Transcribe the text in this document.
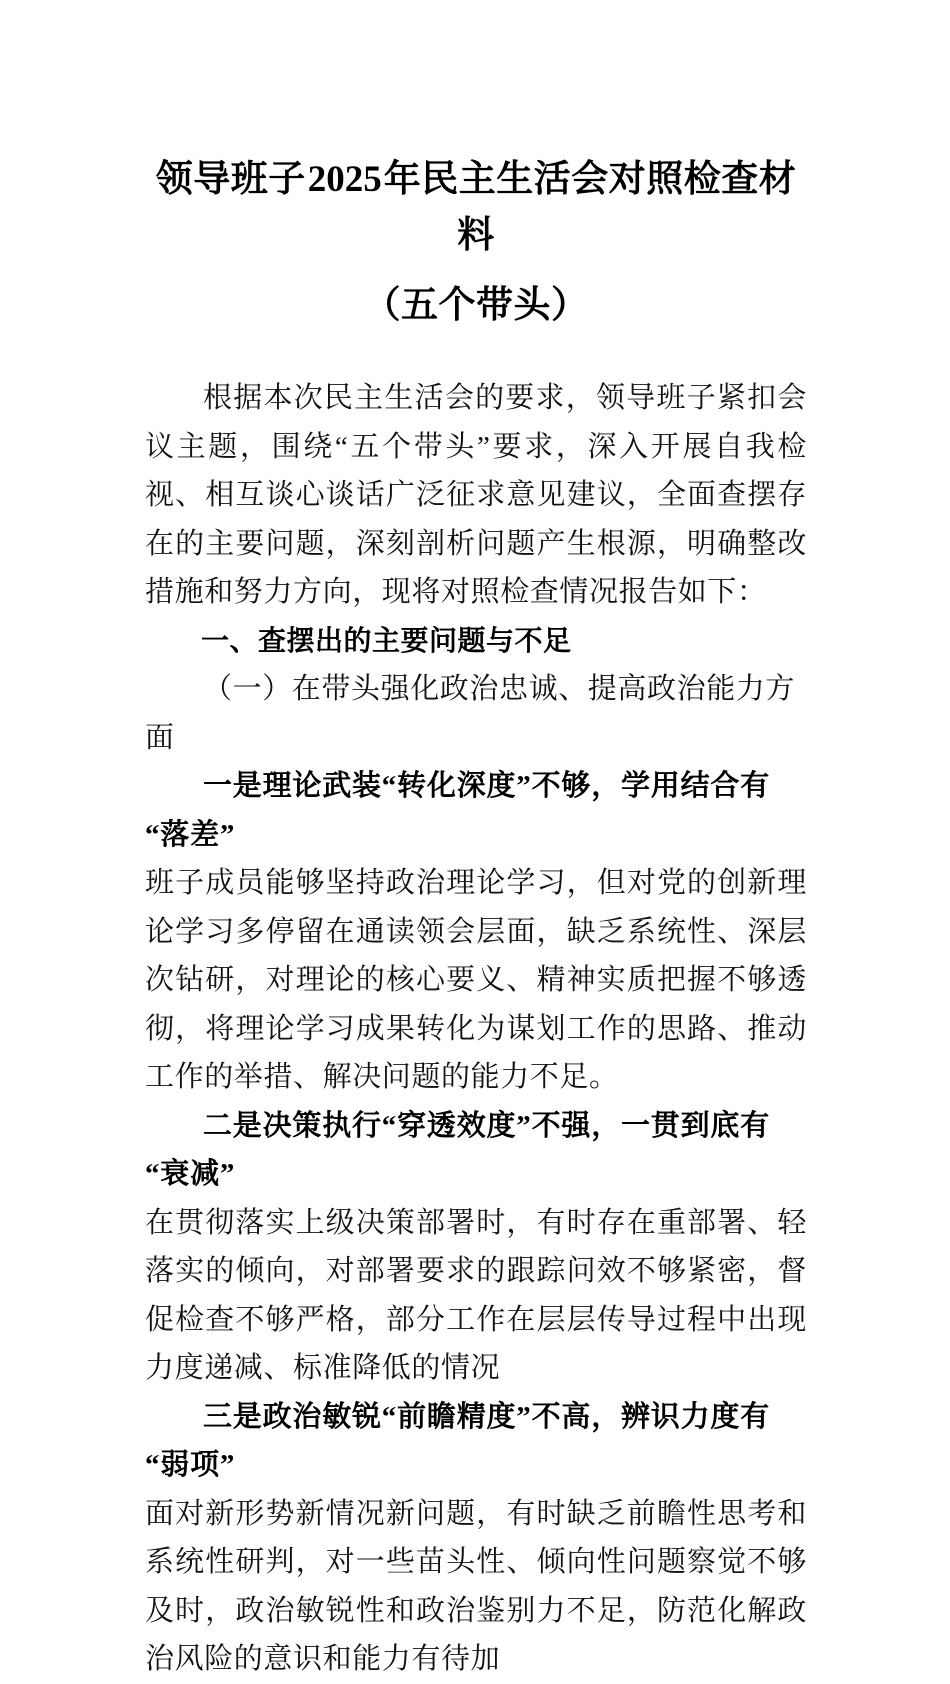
领导班子2025年民主生活会对照检查材料
（五个带头）

根据本次民主生活会的要求，领导班子紧扣会议主题，围绕“五个带头”要求，深入开展自我检视、相互谈心谈话广泛征求意见建议，全面查摆存在的主要问题，深刻剖析问题产生根源，明确整改措施和努力方向，现将对照检查情况报告如下：

一、查摆出的主要问题与不足

（一）在带头强化政治忠诚、提高政治能力方面

一是理论武装“转化深度”不够，学用结合有“落差”

班子成员能够坚持政治理论学习，但对党的创新理论学习多停留在通读领会层面，缺乏系统性、深层次钻研，对理论的核心要义、精神实质把握不够透彻，将理论学习成果转化为谋划工作的思路、推动工作的举措、解决问题的能力不足。

二是决策执行“穿透效度”不强，一贯到底有“衰减”

在贯彻落实上级决策部署时，有时存在重部署、轻落实的倾向，对部署要求的跟踪问效不够紧密，督促检查不够严格，部分工作在层层传导过程中出现力度递减、标准降低的情况

三是政治敏锐“前瞻精度”不高，辨识力度有“弱项”

面对新形势新情况新问题，有时缺乏前瞻性思考和系统性研判，对一些苗头性、倾向性问题察觉不够及时，政治敏锐性和政治鉴别力不足，防范化解政治风险的意识和能力有待加
